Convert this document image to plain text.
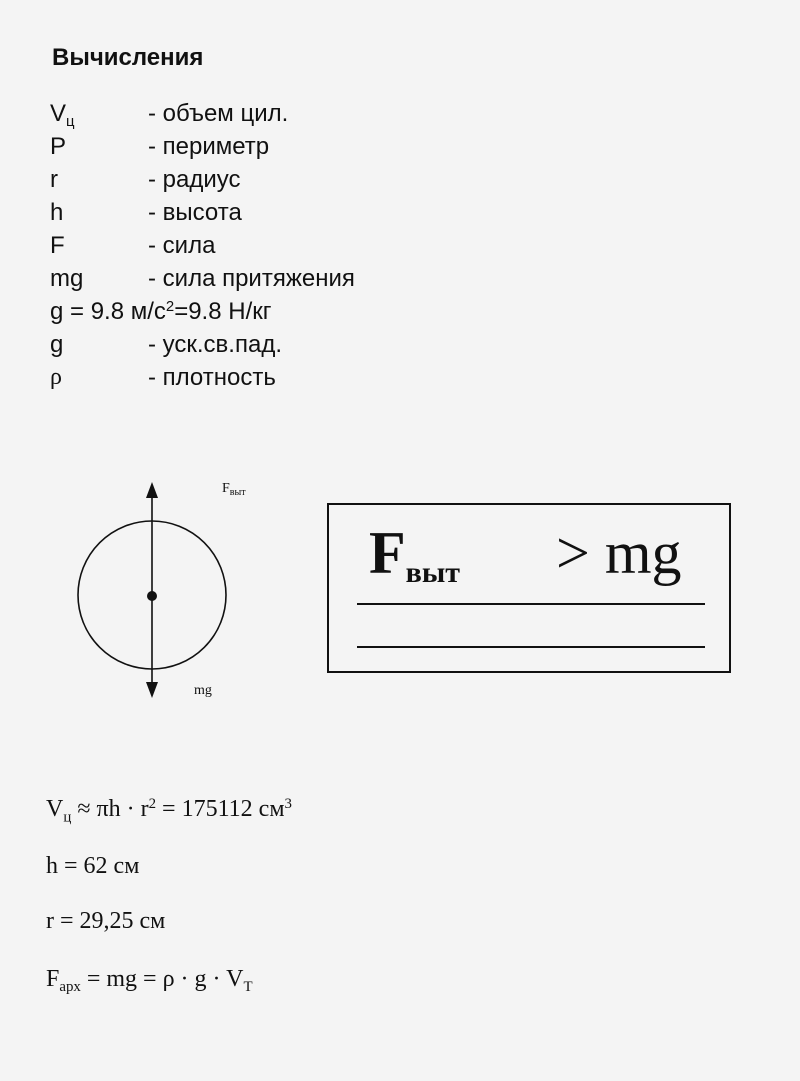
Вычисления
$V_ц$	- объем цил.
P	- периметр
r	- радиус
h	- высота
F	- сила
mg	- сила притяжения
g = 9.8 $м/с^2=9.8$ Н/кг
g	- уск.св.пад.
ρ	- плотность
$F_{выт}$
mg
$F_{выт}$ > mg
$V_ц \approx \pi h \cdot r^2 = 175112$ $см^3$
h = 62 см
r = 29,25 см
$F_{арх}$ = mg = $\rho \cdot g \cdot V_T$
